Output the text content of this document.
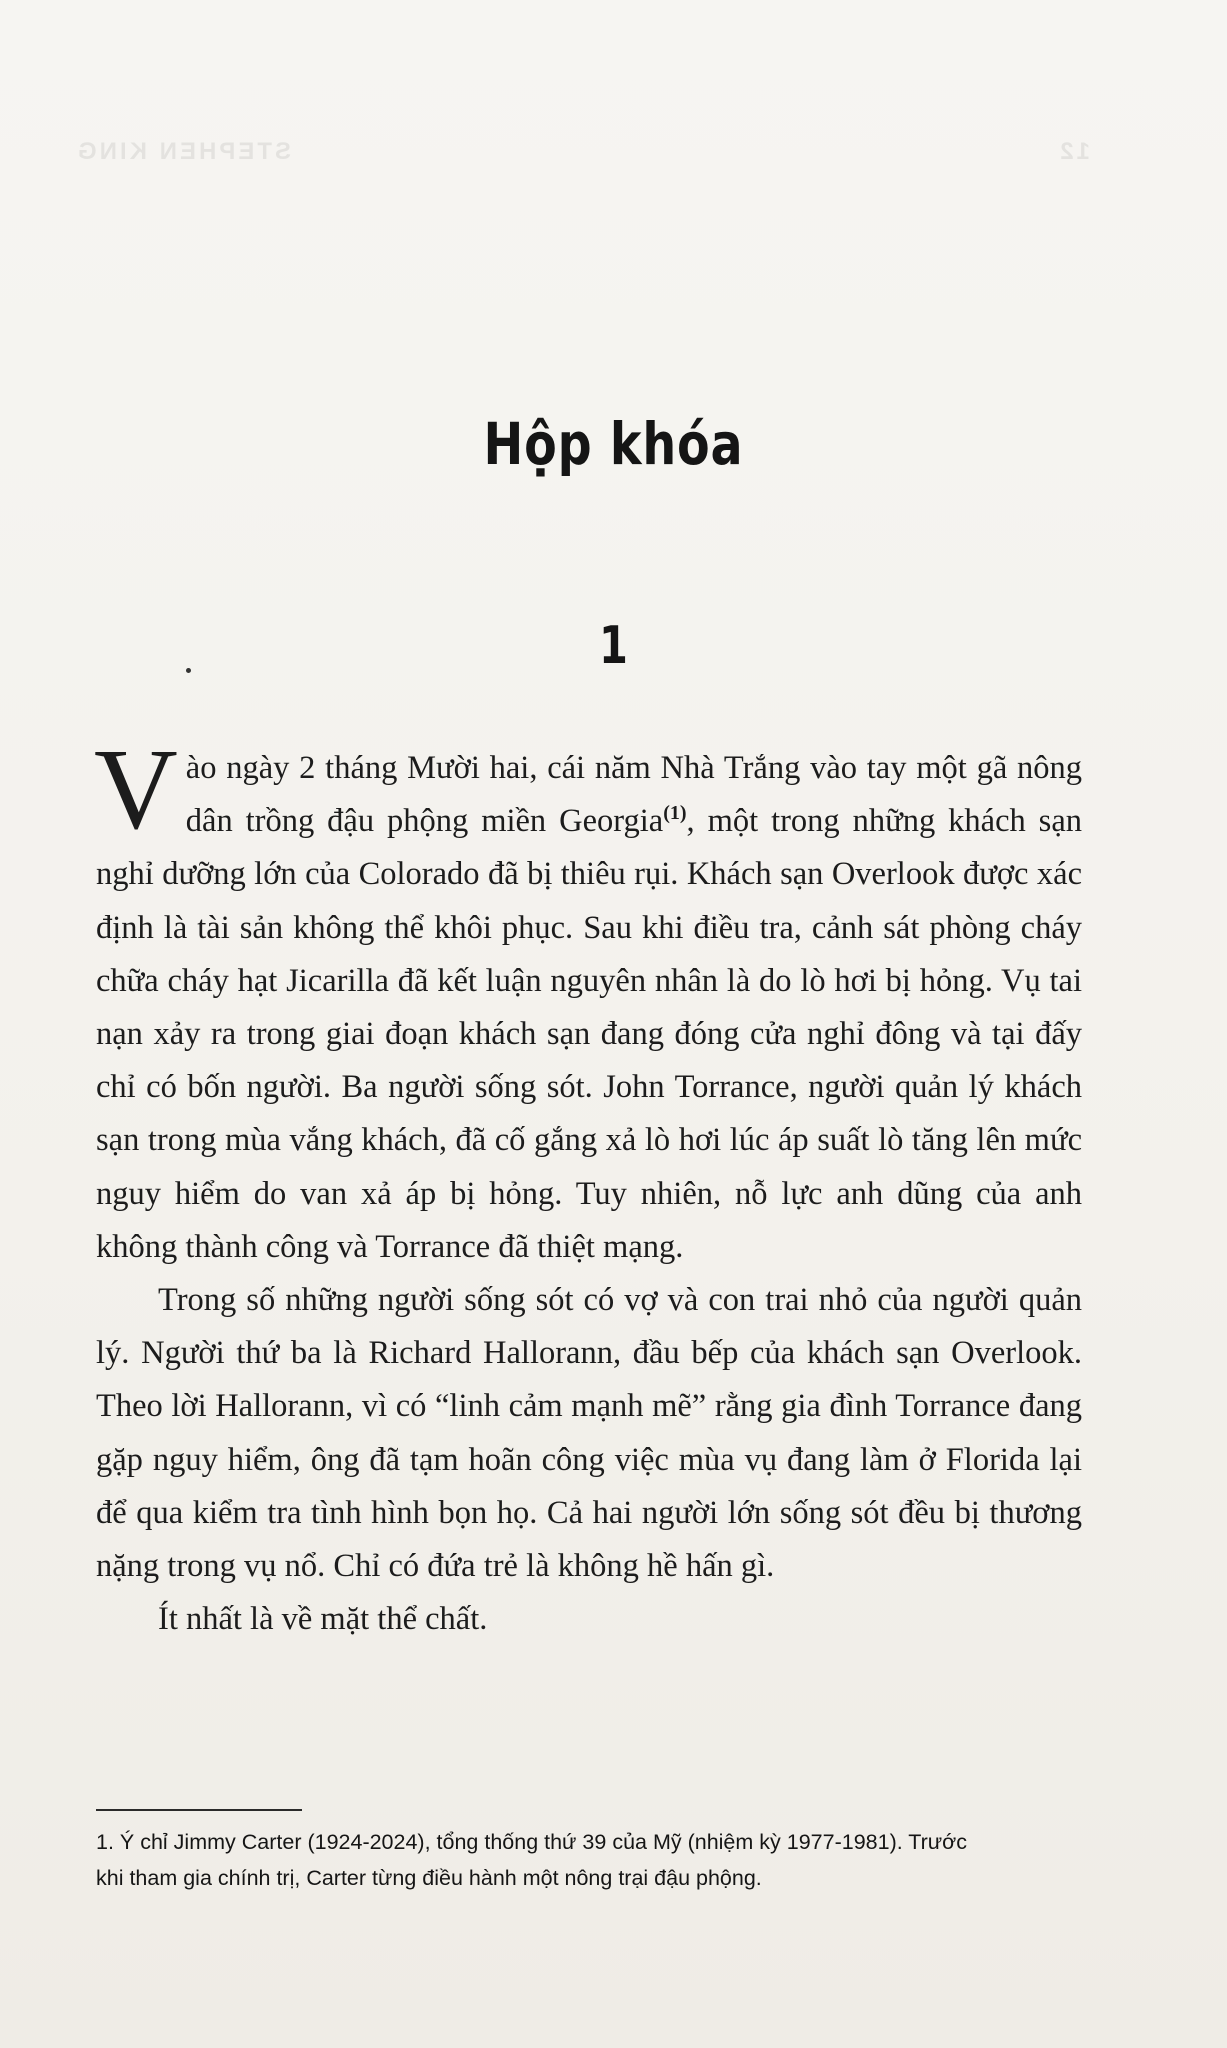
12
STEPHEN KING

Hộp khóa
1

Vào ngày 2 tháng Mười hai, cái năm Nhà Trắng vào tay một gã nông dân trồng đậu phộng miền Georgia$^{(1)}$, một trong những khách sạn nghỉ dưỡng lớn của Colorado đã bị thiêu rụi. Khách sạn Overlook được xác định là tài sản không thể khôi phục. Sau khi điều tra, cảnh sát phòng cháy chữa cháy hạt Jicarilla đã kết luận nguyên nhân là do lò hơi bị hỏng. Vụ tai nạn xảy ra trong giai đoạn khách sạn đang đóng cửa nghỉ đông và tại đấy chỉ có bốn người. Ba người sống sót. John Torrance, người quản lý khách sạn trong mùa vắng khách, đã cố gắng xả lò hơi lúc áp suất lò tăng lên mức nguy hiểm do van xả áp bị hỏng. Tuy nhiên, nỗ lực anh dũng của anh không thành công và Torrance đã thiệt mạng.

Trong số những người sống sót có vợ và con trai nhỏ của người quản lý. Người thứ ba là Richard Hallorann, đầu bếp của khách sạn Overlook. Theo lời Hallorann, vì có “linh cảm mạnh mẽ” rằng gia đình Torrance đang gặp nguy hiểm, ông đã tạm hoãn công việc mùa vụ đang làm ở Florida lại để qua kiểm tra tình hình bọn họ. Cả hai người lớn sống sót đều bị thương nặng trong vụ nổ. Chỉ có đứa trẻ là không hề hấn gì.

Ít nhất là về mặt thể chất.

1. Ý chỉ Jimmy Carter (1924-2024), tổng thống thứ 39 của Mỹ (nhiệm kỳ 1977-1981). Trước

khi tham gia chính trị, Carter từng điều hành một nông trại đậu phộng.
